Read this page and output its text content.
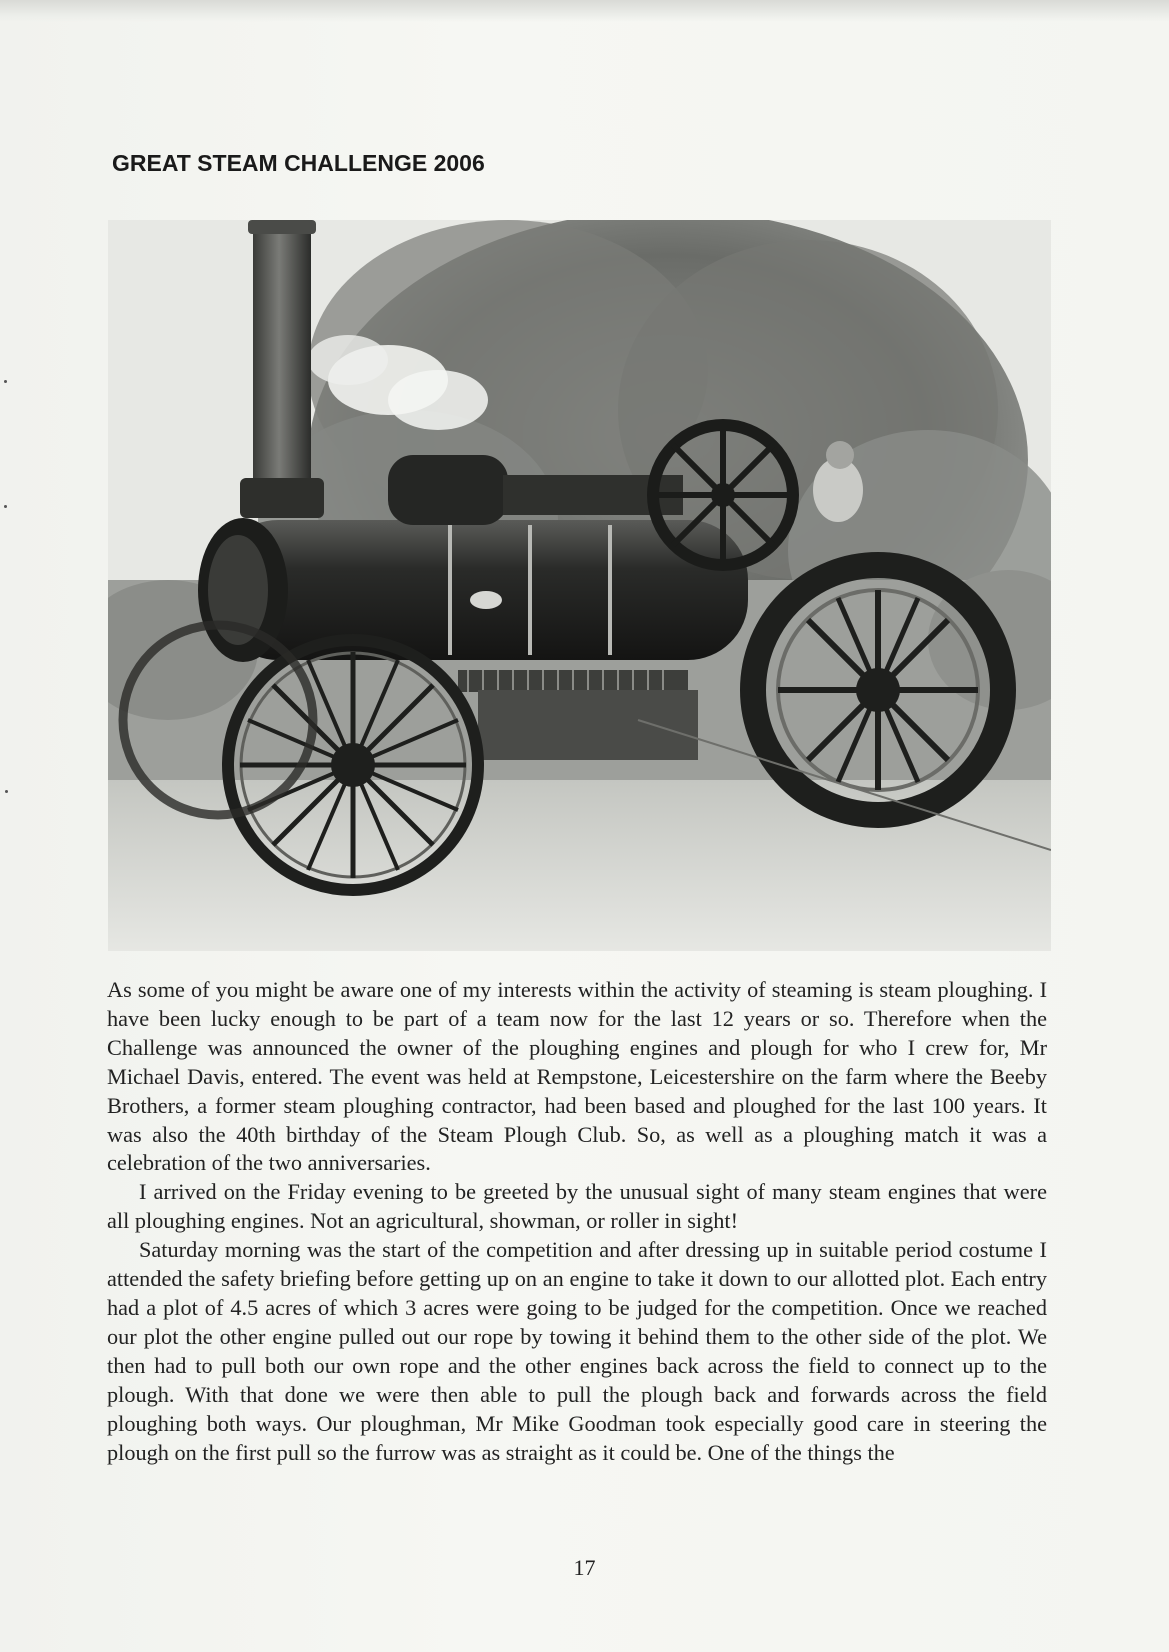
GREAT STEAM CHALLENGE 2006

As some of you might be aware one of my interests within the activity of steaming is steam ploughing. I have been lucky enough to be part of a team now for the last 12 years or so. Therefore when the Challenge was announced the owner of the ploughing engines and plough for who I crew for, Mr Michael Davis, entered. The event was held at Rempstone, Leicestershire on the farm where the Beeby Brothers, a former steam ploughing contractor, had been based and ploughed for the last 100 years. It was also the 40th birthday of the Steam Plough Club. So, as well as a ploughing match it was a celebration of the two anniversaries.

I arrived on the Friday evening to be greeted by the unusual sight of many steam engines that were all ploughing engines. Not an agricultural, showman, or roller in sight!

Saturday morning was the start of the competition and after dressing up in suitable period costume I attended the safety briefing before getting up on an engine to take it down to our allotted plot. Each entry had a plot of 4.5 acres of which 3 acres were going to be judged for the competition. Once we reached our plot the other engine pulled out our rope by towing it behind them to the other side of the plot. We then had to pull both our own rope and the other engines back across the field to connect up to the plough. With that done we were then able to pull the plough back and forwards across the field ploughing both ways. Our ploughman, Mr Mike Goodman took especially good care in steering the plough on the first pull so the furrow was as straight as it could be. One of the things the

17
